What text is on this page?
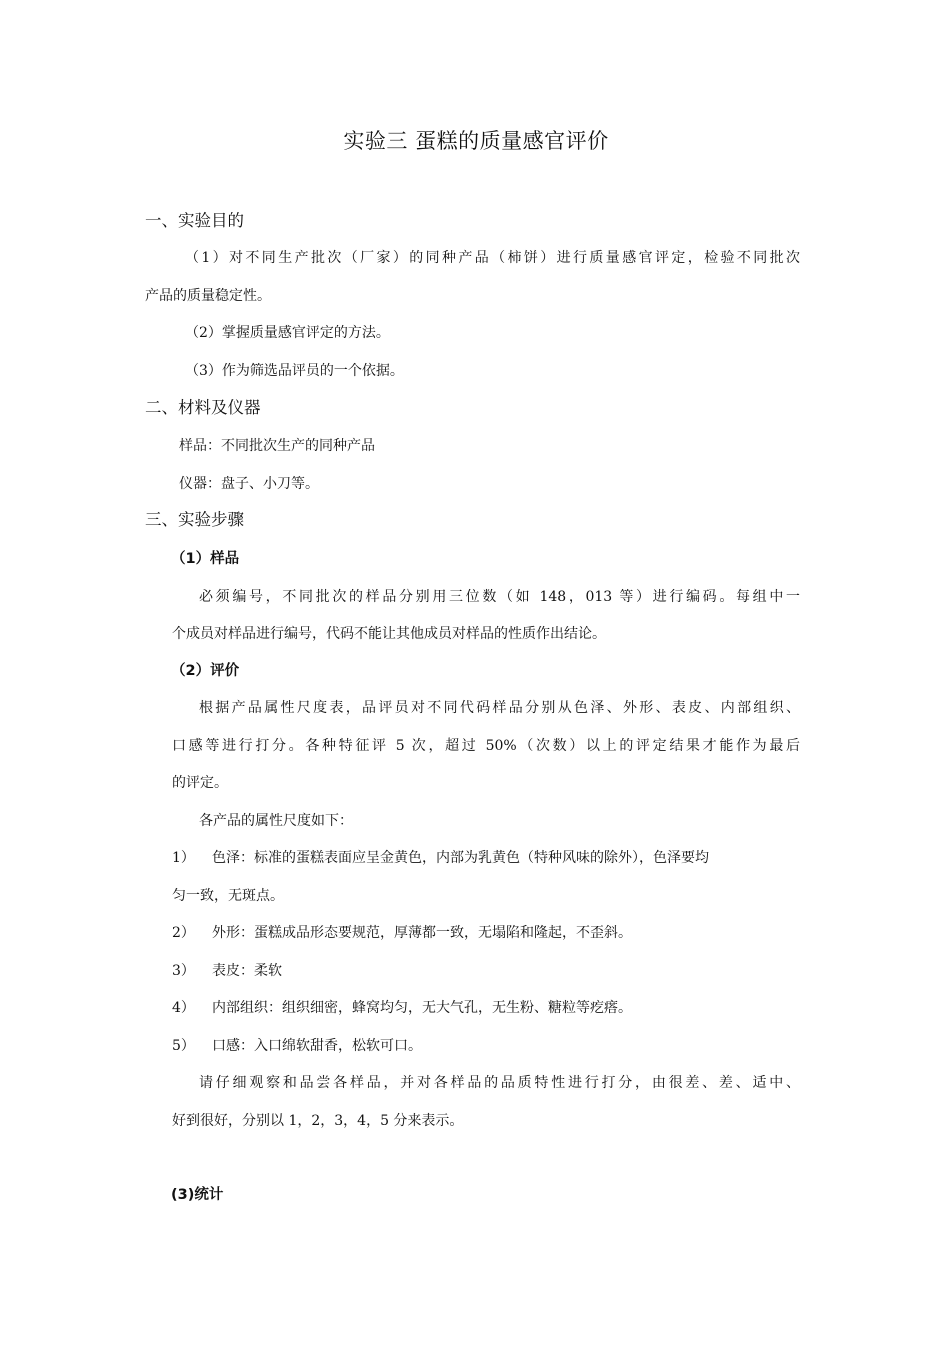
实验三 蛋糕的质量感官评价
一、实验目的
（1）对不同生产批次（厂家）的同种产品（柿饼）进行质量感官评定，检验不同批次
产品的质量稳定性。
（2）掌握质量感官评定的方法。
（3）作为筛选品评员的一个依据。
二、材料及仪器
样品：不同批次生产的同种产品
仪器：盘子、小刀等。
三、实验步骤
（1）样品
必须编号，不同批次的样品分别用三位数（如 148，013 等）进行编码。每组中一
个成员对样品进行编号，代码不能让其他成员对样品的性质作出结论。
（2）评价
根据产品属性尺度表，品评员对不同代码样品分别从色泽、外形、表皮、内部组织、
口感等进行打分。各种特征评 5 次，超过 50%（次数）以上的评定结果才能作为最后
的评定。
各产品的属性尺度如下：
1） 色泽：标准的蛋糕表面应呈金黄色，内部为乳黄色（特种风味的除外），色泽要均
匀一致，无斑点。
2） 外形：蛋糕成品形态要规范，厚薄都一致，无塌陷和隆起，不歪斜。
3） 表皮：柔软
4） 内部组织：组织细密，蜂窝均匀，无大气孔，无生粉、糖粒等疙瘩。
5） 口感：入口绵软甜香，松软可口。
请仔细观察和品尝各样品，并对各样品的品质特性进行打分，由很差、差、适中、
好到很好，分别以 1，2，3，4，5 分来表示。
(3)统计
